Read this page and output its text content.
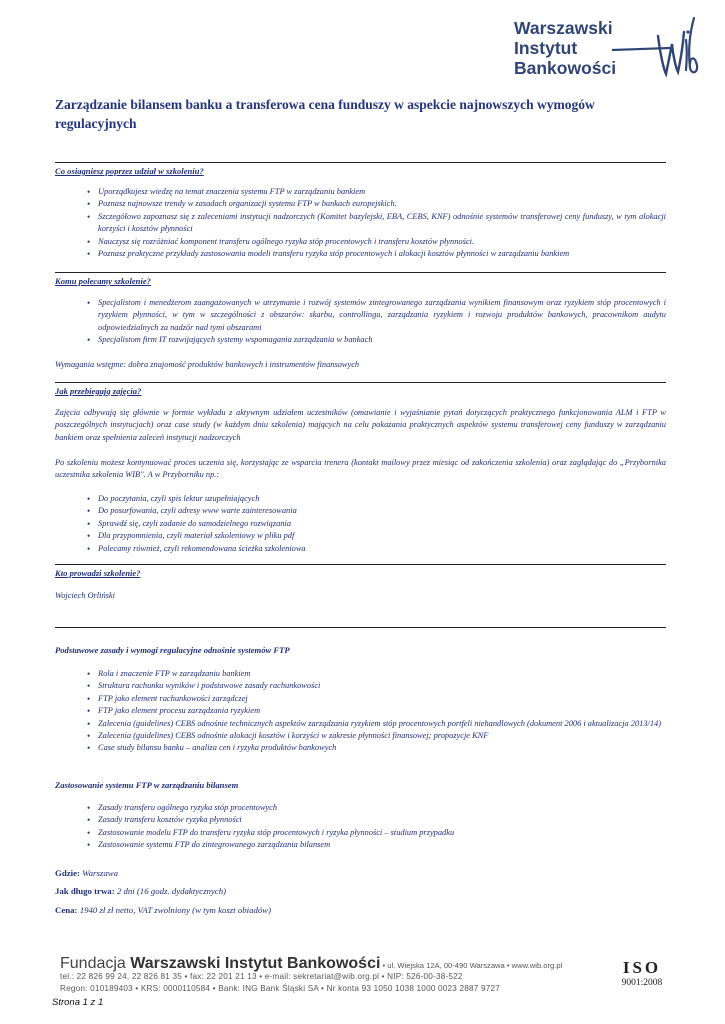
Warszawski
Instytut
Bankowości
Zarządzanie bilansem banku a transferowa cena funduszy w aspekcie najnowszych wymogów regulacyjnych
Co osiagniesz poprzez udział w szkoleniu?
• Uporządkujesz wiedzę na temat znaczenia systemu FTP w zarządzaniu bankiem
• Poznasz najnowsze trendy w zasadach organizacji systemu FTP w bankach europejskich.
• Szczegółowo zapoznasz się z zaleceniami instytucji nadzorczych (Komitet bazylejski, EBA, CEBS, KNF) odnośnie systemów transferowej ceny funduszy, w tym alokacji korzyści i kosztów płynności
• Nauczysz się rozróżniać komponent transferu ogólnego ryzyka stóp procentowych i transferu kosztów płynności.
• Poznasz praktyczne przykłady zastosowania modeli transferu ryzyka stóp procentowych i alokacji kosztów płynności w zarządzaniu bankiem
Komu polecamy szkolenie?
• Specjalistom i menedżerom zaangażowanych w utrzymanie i rozwój systemów zintegrowanego zarządzania wynikiem finansowym oraz ryzykiem stóp procentowych i ryzykiem płynności, w tym w szczególności z obszarów: skarbu, controllingu, zarządzania ryzykiem i rozwoju produktów bankowych, pracownikom audytu odpowiedzialnych za nadzór nad tymi obszarami
• Specjalistom firm IT rozwijających systemy wspomagania zarządzania w bankach
Wymagania wstępne: dobra znajomość produktów bankowych i instrumentów finansowych
Jak przebiegają zajęcia?
Zajęcia odbywają się głównie w formie wykładu z aktywnym udziałem uczestników (omawianie i wyjaśnianie pytań dotyczących praktycznego funkcjonowania ALM i FTP w poszczególnych instytucjach) oraz case study (w każdym dniu szkolenia) mających na celu pokazania praktycznych aspektów systemu transferowej ceny funduszy w zarządzaniu bankiem oraz spełnienia zaleceń instytucji nadzorczych
Po szkoleniu możesz kontynuować proces uczenia się, korzystając ze wsparcia trenera (kontakt mailowy przez miesiąc od zakończenia szkolenia) oraz zaglądając do „Przybornika uczestnika szkolenia WIB". A w Przyborniku np.:
• Do poczytania, czyli spis lektur uzupełniających
• Do posurfowania, czyli adresy www warte zainteresowania
• Sprawdź się, czyli zadanie do samodzielnego rozwiązania
• Dla przypomnienia, czyli materiał szkoleniowy w pliku pdf
• Polecamy również, czyli rekomendowana ścieżka szkoleniowa
Kto prowadzi szkolenie?
Wojciech Orliński
Podstawowe zasady i wymogi regulacyjne odnośnie systemów FTP
• Rola i znaczenie FTP w zarządzaniu bankiem
• Struktura rachunku wyników i podstawowe zasady rachunkowości
• FTP jako element rachunkowości zarządczej
• FTP jako element procesu zarządzania ryzykiem
• Zalecenia (guidelines) CEBS odnośnie technicznych aspektów zarządzania ryzykiem stóp procentowych portfeli niehandlowych (dokument 2006 i aktualizacja 2013/14)
• Zalecenia (guidelines) CEBS odnośnie alokacji kosztów i korzyści w zakresie płynności finansowej; propozycje KNF
• Case study bilansu banku – analiza cen i ryzyka produktów bankowych
Zastosowanie systemu FTP w zarządzaniu bilansem
• Zasady transferu ogólnego ryzyka stóp procentowych
• Zasady transferu kosztów ryzyka płynności
• Zastosowanie modelu FTP do transferu ryzyka stóp procentowych i ryzyka płynności – studium przypadku
• Zastosowanie systemu FTP do zintegrowanego zarządzania bilansem
Gdzie: Warszawa
Jak długo trwa: 2 dni (16 godz. dydaktycznych)
Cena: 1940 zł zł netto, VAT zwolniony (w tym koszt obiadów)
Fundacja Warszawski Instytut Bankowości • ul. Wiejska 12A, 00-490 Warszawa • www.wib.org.pl
tel.: 22 826 99 24, 22 826 81 35 • fax: 22 201 21 13 • e-mail: sekretariat@wib.org.pl • NIP: 526-00-38-522
Regon: 010189403 • KRS: 0000110584 • Bank: ING Bank Śląski SA • Nr konta 93 1050 1038 1000 0023 2887 9727
ISO
9001:2008
Strona 1 z 1
